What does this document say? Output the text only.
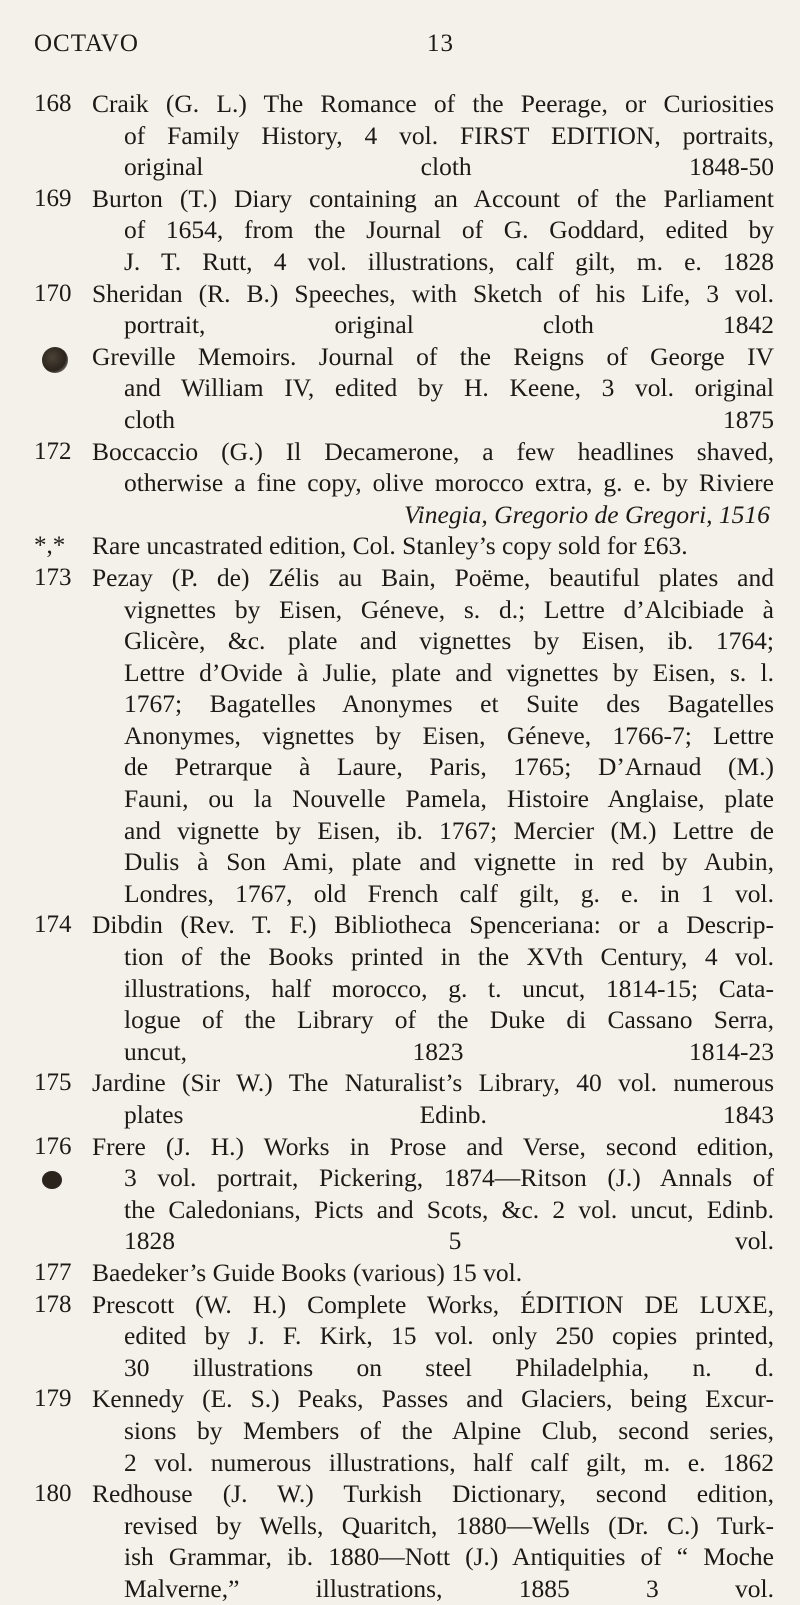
OCTAVO	13
168 Craik (G. L.) The Romance of the Peerage, or Curiosities
of Family History, 4 vol. FIRST EDITION, portraits,
original cloth 1848-50
169 Burton (T.) Diary containing an Account of the Parliament
of 1654, from the Journal of G. Goddard, edited by
J. T. Rutt, 4 vol. illustrations, calf gilt, m. e. 1828
170 Sheridan (R. B.) Speeches, with Sketch of his Life, 3 vol.
portrait, original cloth 1842
Greville Memoirs. Journal of the Reigns of George IV
and William IV, edited by H. Keene, 3 vol. original
cloth 1875
172 Boccaccio (G.) Il Decamerone, a few headlines shaved,
otherwise a fine copy, olive morocco extra, g. e. by Riviere
Vinegia, Gregorio de Gregori, 1516
*,*	Rare uncastrated edition, Col. Stanley’s copy sold for £63.
173 Pezay (P. de) Zélis au Bain, Poëme, beautiful plates and
vignettes by Eisen, Géneve, s. d.; Lettre d’Alcibiade à
Glicère, &c. plate and vignettes by Eisen, ib. 1764;
Lettre d’Ovide à Julie, plate and vignettes by Eisen, s. l.
1767; Bagatelles Anonymes et Suite des Bagatelles
Anonymes, vignettes by Eisen, Géneve, 1766-7; Lettre
de Petrarque à Laure, Paris, 1765; D’Arnaud (M.)
Fauni, ou la Nouvelle Pamela, Histoire Anglaise, plate
and vignette by Eisen, ib. 1767; Mercier (M.) Lettre de
Dulis à Son Ami, plate and vignette in red by Aubin,
Londres, 1767, old French calf gilt, g. e. in 1 vol.
174 Dibdin (Rev. T. F.) Bibliotheca Spenceriana: or a Descrip-
tion of the Books printed in the XVth Century, 4 vol.
illustrations, half morocco, g. t. uncut, 1814-15; Cata-
logue of the Library of the Duke di Cassano Serra,
uncut, 1823 1814-23
175 Jardine (Sir W.) The Naturalist’s Library, 40 vol. numerous
plates Edinb. 1843
176 Frere (J. H.) Works in Prose and Verse, second edition,
3 vol. portrait, Pickering, 1874—Ritson (J.) Annals of
the Caledonians, Picts and Scots, &c. 2 vol. uncut, Edinb.
1828 5 vol.
177 Baedeker’s Guide Books (various) 15 vol.
178 Prescott (W. H.) Complete Works, ÉDITION DE LUXE,
edited by J. F. Kirk, 15 vol. only 250 copies printed,
30 illustrations on steel Philadelphia, n. d.
179 Kennedy (E. S.) Peaks, Passes and Glaciers, being Excur-
sions by Members of the Alpine Club, second series,
2 vol. numerous illustrations, half calf gilt, m. e. 1862
180 Redhouse (J. W.) Turkish Dictionary, second edition,
revised by Wells, Quaritch, 1880—Wells (Dr. C.) Turk-
ish Grammar, ib. 1880—Nott (J.) Antiquities of “ Moche
Malverne,” illustrations, 1885 3 vol.
